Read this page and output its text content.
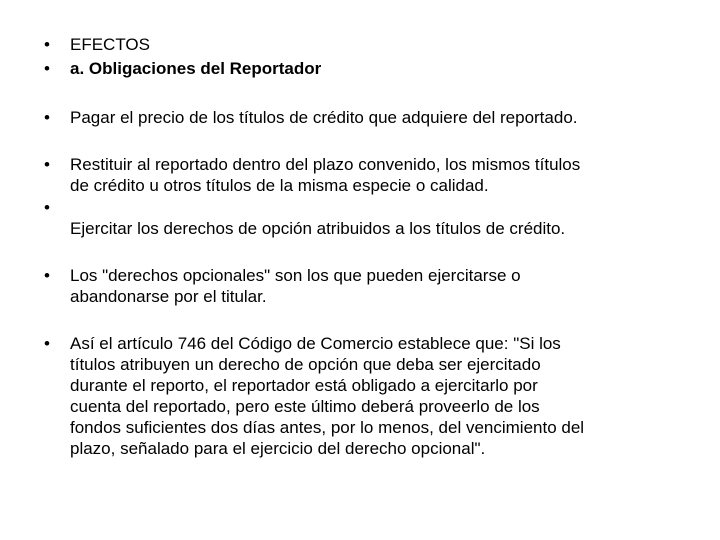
•	EFECTOS
•	a. Obligaciones del Reportador
•	Pagar el precio de los títulos de crédito que adquiere del reportado.
•	Restituir al reportado dentro del plazo convenido, los mismos títulos
de crédito u otros títulos de la misma especie o calidad.
•
Ejercitar los derechos de opción atribuidos a los títulos de crédito.
•	Los "derechos opcionales" son los que pueden ejercitarse o
abandonarse por el titular.
•	Así el artículo 746 del Código de Comercio establece que: "Si los
títulos atribuyen un derecho de opción que deba ser ejercitado
durante el reporto, el reportador está obligado a ejercitarlo por
cuenta del reportado, pero este último deberá proveerlo de los
fondos suficientes dos días antes, por lo menos, del vencimiento del
plazo, señalado para el ejercicio del derecho opcional".
